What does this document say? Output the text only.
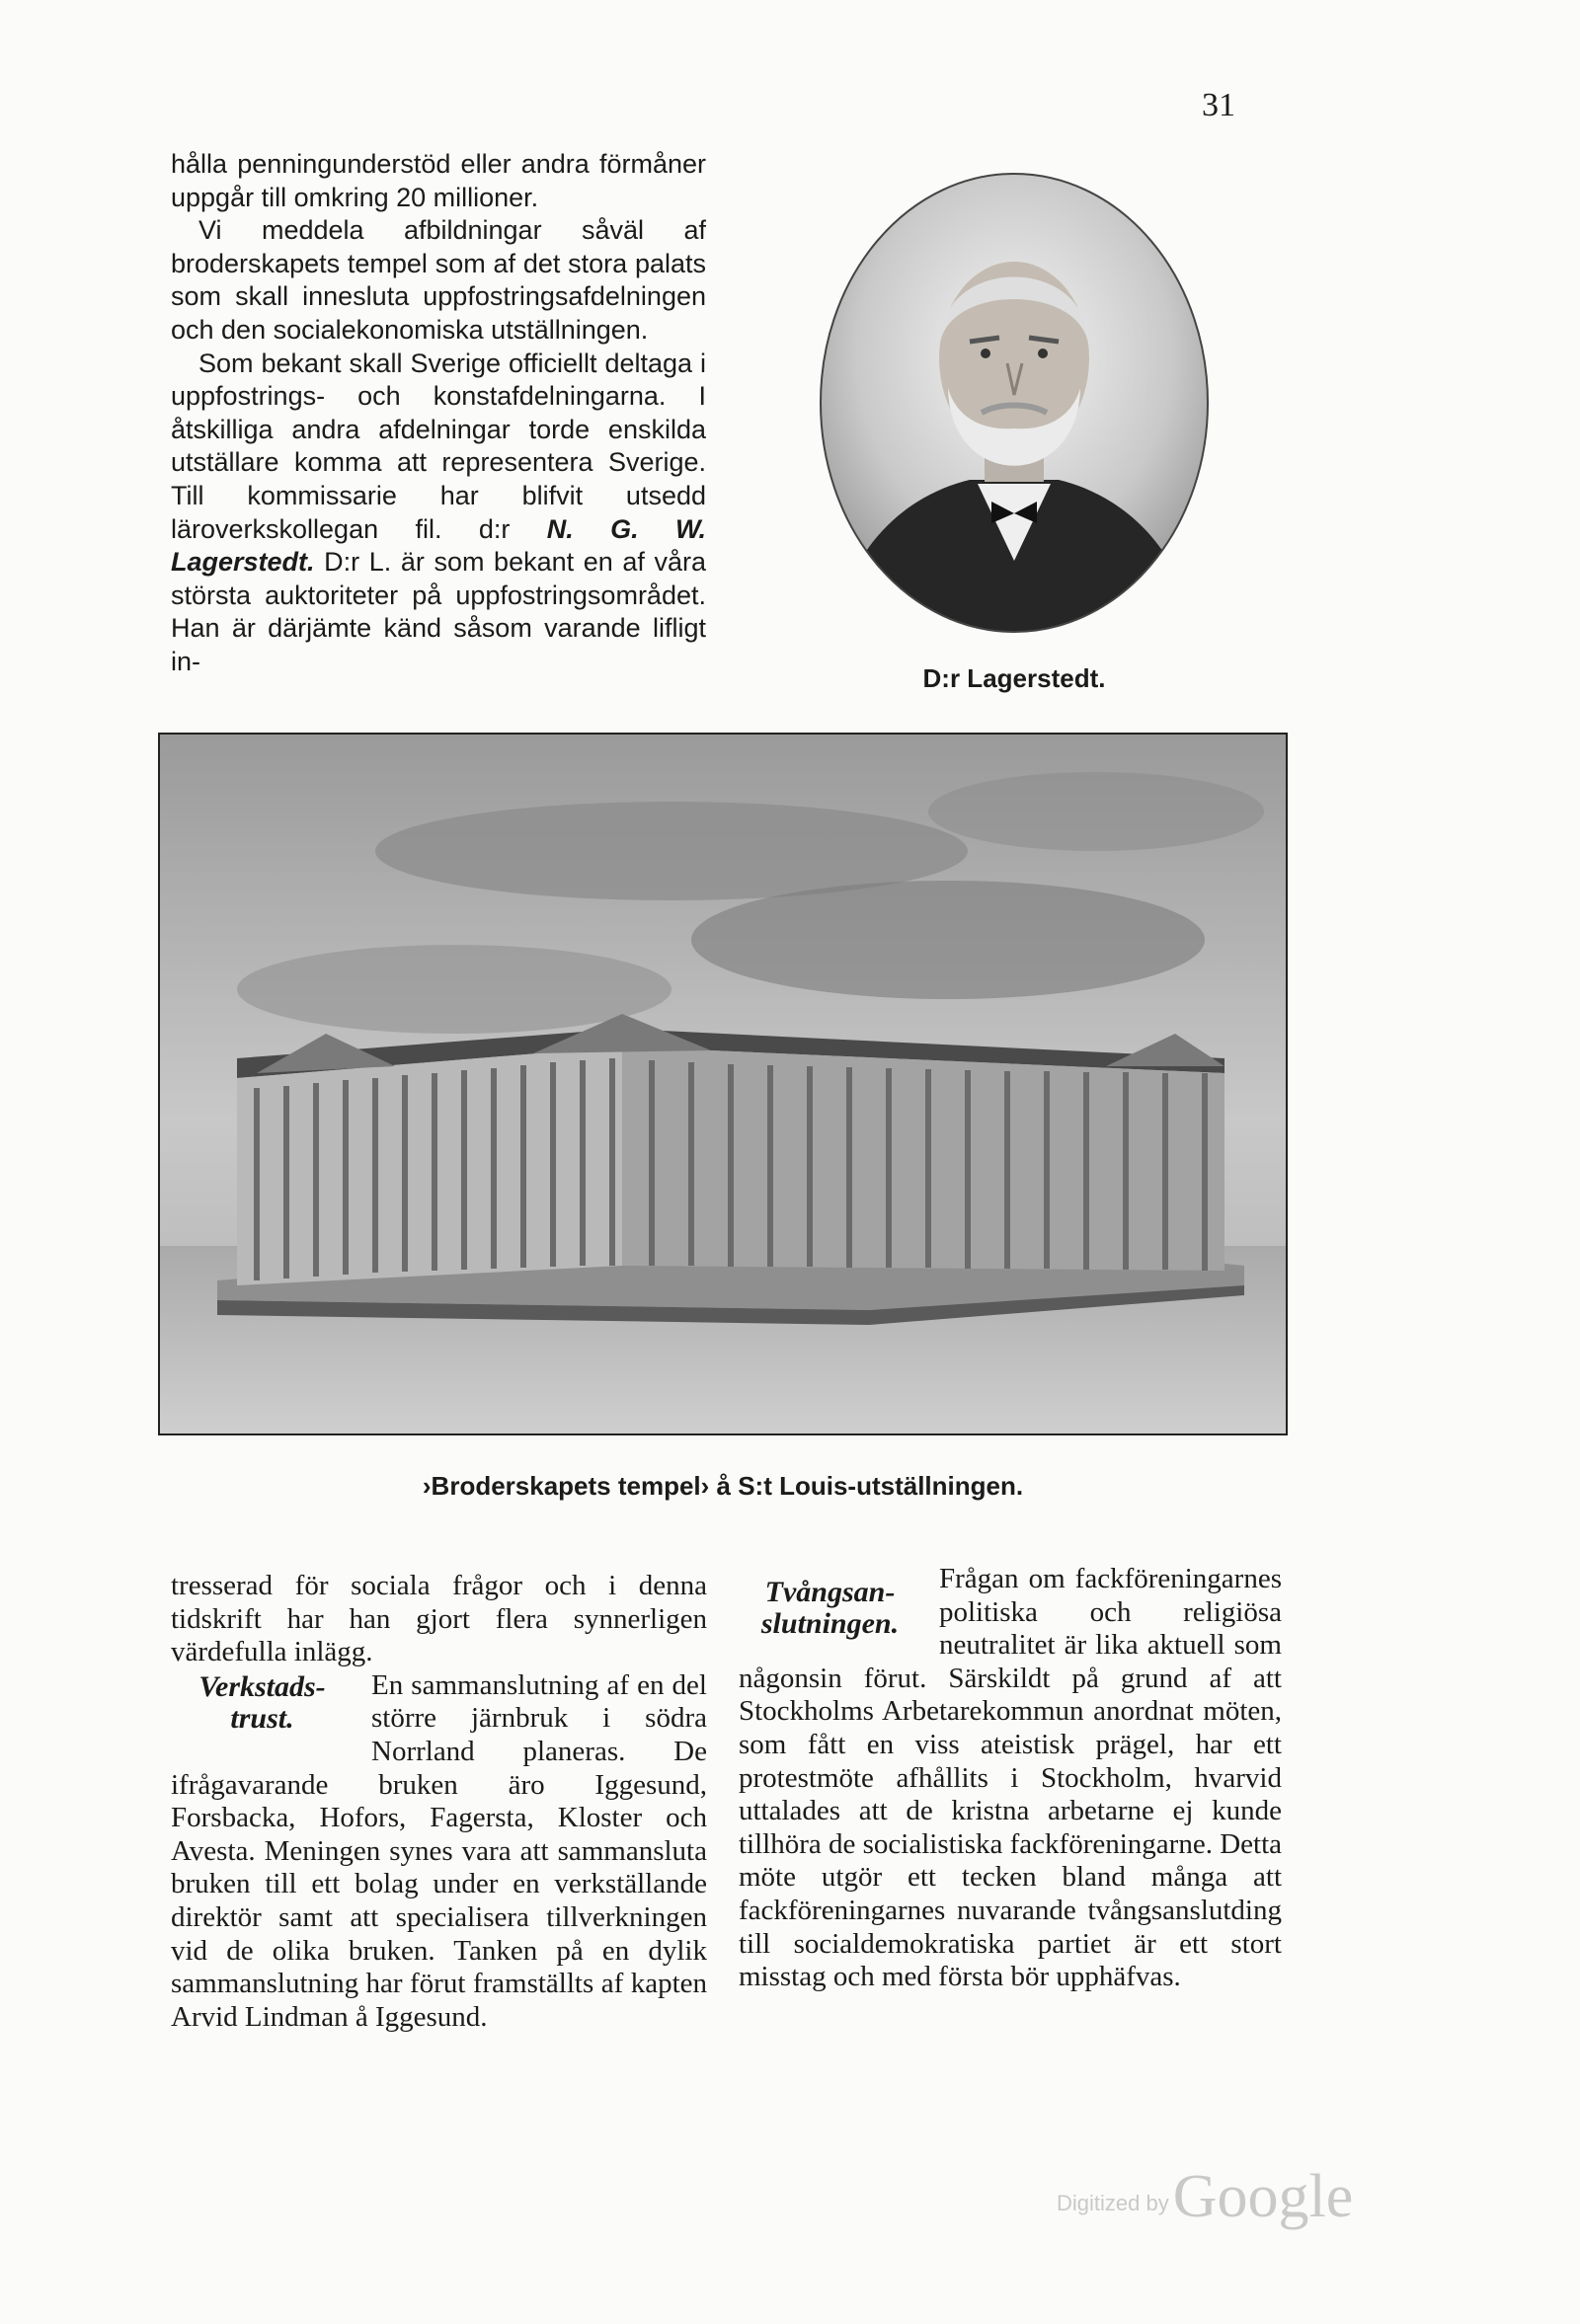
31

hålla penningunderstöd eller andra förmåner uppgår till omkring 20 millioner.

Vi meddela afbildningar såväl af broderskapets tempel som af det stora palats som skall innesluta uppfostringsafdelningen och den socialekonomiska utställningen.

Som bekant skall Sverige officiellt deltaga i uppfostrings- och konstafdelningarna. I åtskilliga andra afdelningar torde enskilda utställare komma att representera Sverige. Till kommissarie har blifvit utsedd läroverkskollegan fil. d:r N. G. W. Lagerstedt. D:r L. är som bekant en af våra största auktoriteter på uppfostringsområdet. Han är därjämte känd såsom varande lifligt in-

D:r Lagerstedt.
›Broderskapets tempel› å S:t Louis-utställningen.

tresserad för sociala frågor och i denna tidskrift har han gjort flera synnerligen värdefulla inlägg.

Verkstads-trust.

En sammanslutning af en del större järnbruk i södra Norrland planeras. De ifrågavarande bruken äro Iggesund, Forsbacka, Hofors, Fagersta, Kloster och Avesta. Meningen synes vara att sammansluta bruken till ett bolag under en verkställande direktör samt att specialisera tillverkningen vid de olika bruken. Tanken på en dylik sammanslutning har förut framställts af kapten Arvid Lindman å Iggesund.

Tvångsan-slutningen.

Frågan om fackföreningarnes politiska och religiösa neutralitet är lika aktuell som någonsin förut. Särskildt på grund af att Stockholms Arbetarekommun anordnat möten, som fått en viss ateistisk prägel, har ett protestmöte afhållits i Stockholm, hvarvid uttalades att de kristna arbetarne ej kunde tillhöra de socialistiska fackföreningarne. Detta möte utgör ett tecken bland många att fackföreningarnes nuvarande tvångsanslutding till socialdemokratiska partiet är ett stort misstag och med första bör upphäfvas.

Digitized by Google
